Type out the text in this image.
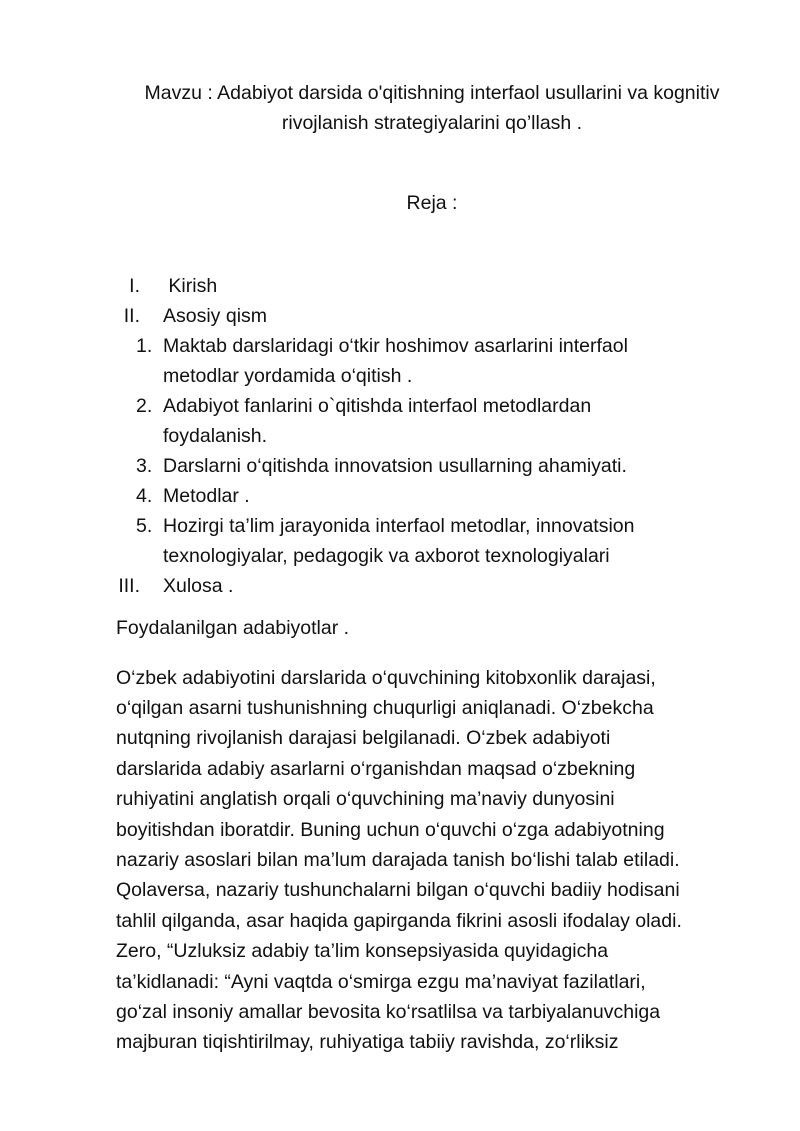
Mavzu : Adabiyot darsida o'qitishning interfaol usullarini va kognitiv
rivojlanish strategiyalarini qo’llash .
Reja :
I. Kirish
II. Asosiy qism
1. Maktab darslaridagi o‘tkir hoshimov asarlarini interfaol
metodlar yordamida o‘qitish .
2. Adabiyot fanlarini o`qitishda interfaol metodlardan
foydalanish.
3. Darslarni o‘qitishda innovatsion usullarning ahamiyati.
4. Metodlar .
5. Hozirgi ta’lim jarayonida interfaol metodlar, innovatsion
texnologiyalar, pedagogik va axborot texnologiyalari
III. Xulosa .

Foydalanilgan adabiyotlar .

O‘zbek adabiyotini darslarida o‘quvchining kitobxonlik darajasi,
o‘qilgan asarni tushunishning chuqurligi aniqlanadi. O‘zbekcha
nutqning rivojlanish darajasi belgilanadi. O‘zbek adabiyoti
darslarida adabiy asarlarni o‘rganishdan maqsad o‘zbekning
ruhiyatini anglatish orqali o‘quvchining ma’naviy dunyosini
boyitishdan iboratdir. Buning uchun o‘quvchi o‘zga adabiyotning
nazariy asoslari bilan ma’lum darajada tanish bo‘lishi talab etiladi.
Qolaversa, nazariy tushunchalarni bilgan o‘quvchi badiiy hodisani
tahlil qilganda, asar haqida gapirganda fikrini asosli ifodalay oladi.
Zero, “Uzluksiz adabiy ta’lim konsepsiyasida quyidagicha
ta’kidlanadi: “Ayni vaqtda o‘smirga ezgu ma’naviyat fazilatlari,
go‘zal insoniy amallar bevosita ko‘rsatlilsa va tarbiyalanuvchiga
majburan tiqishtirilmay, ruhiyatiga tabiiy ravishda, zo‘rliksiz
